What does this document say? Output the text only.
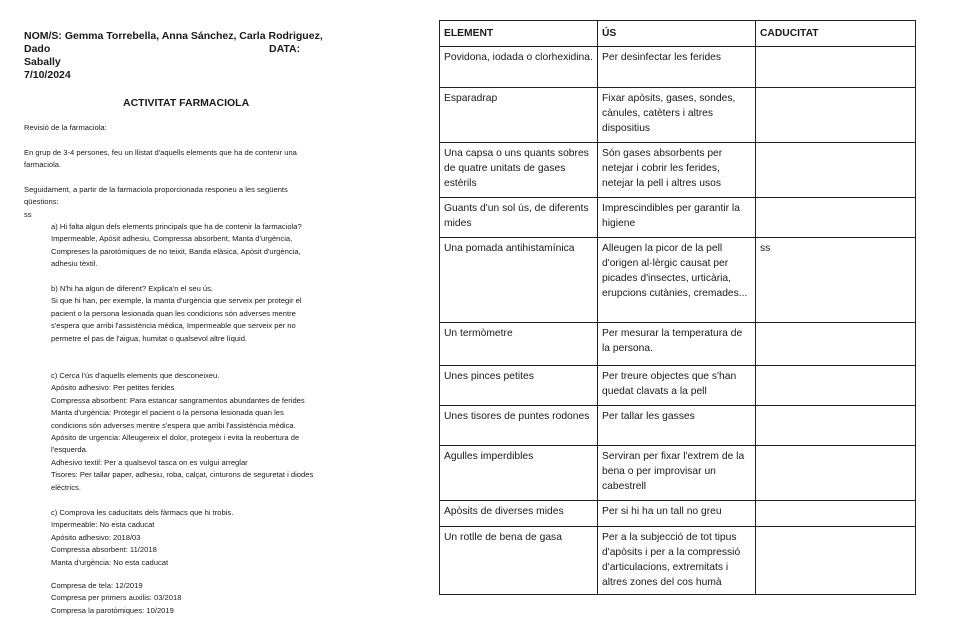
NOM/S: Gemma Torrebella, Anna Sánchez, Carla Rodriguez, Dado
Sabally
DATA:
7/10/2024
ACTIVITAT FARMACIOLA
Revisió de la farmaciola:
En grup de 3-4 persones, feu un llistat d'aquells elements que ha de contenir una
farmaciola.
Seguidament, a partir de la farmaciola proporcionada responeu a les següents
qüestions:
ss
a) Hi falta algun dels elements principals que ha de contenir la farmaciola?
Impermeable, Apòsit adhesiu, Compressa absorbent, Manta d'urgència,
Compreses la parotòmiques de no teixit, Banda elàsica, Apòsit d'urgència,
adhesiu tèxtil.
b) N'hi ha algun de diferent? Explica'n el seu ús.
Si que hi han, per exemple, la manta d'urgència que serveix per protegir el
pacient o la persona lesionada quan les condicions són adverses mentre
s'espera que arribi l'assistència mèdica, Impermeable que serveix per no
permetre el pas de l'aigua, humitat o qualsevol altre líquid.
c) Cerca l'ús d'aquells elements que desconeixeu.
Apósito adhesivo: Per petites ferides
Compressa absorbent: Para estancar sangramentos abundantes de ferides
Manta d'urgència: Protegir el pacient o la persona lesionada quan les
condicions són adverses mentre s'espera que arribi l'assistència mèdica.
Apósito de urgencia: Alleugereix el dolor, protegeix i evita la reobertura de
l'esquerda.
Adhesivo textil: Per a qualsevol tasca on es vulgui arreglar
Tisores: Per tallar paper, adhesiu, roba, calçat, cinturons de seguretat i diodes
elèctrics.
c) Comprova les caducitats dels fàrmacs que hi trobis.
Impermeable: No esta caducat
Apósito adhesivo: 2018/03
Compressa absorbent: 11/2018
Manta d'urgència: No esta caducat
Compresa de tela: 12/2019
Compresa per primers auxilis: 03/2018
Compresa la parotòmiques: 10/2019
ELEMENT	ÚS	CADUCITAT
Povidona, iodada o clorhexidina.	Per desinfectar les ferides	
Esparadrap	Fixar apòsits, gases, sondes, cànules, catèters i altres dispositius	
Una capsa o uns quants sobres de quatre unitats de gases estèrils	Són gases absorbents per netejar i cobrir les ferides, netejar la pell i altres usos	
Guants d'un sol ús, de diferents mides	Imprescindibles per garantir la higiene	
Una pomada antihistamínica	Alleugen la picor de la pell d'origen al·lèrgic causat per picades d'insectes, urticària, erupcions cutànies, cremades...	ss
Un termòmetre	Per mesurar la temperatura de la persona.	
Unes pinces petites	Per treure objectes que s'han quedat clavats a la pell	
Unes tisores de puntes rodones	Per tallar les gasses	
Agulles imperdibles	Serviran per fixar l'extrem de la bena o per improvisar un cabestrell	
Apòsits de diverses mides	Per si hi ha un tall no greu	
Un rotlle de bena de gasa	Per a la subjecció de tot tipus d'apòsits i per a la compressió d'articulacions, extremitats i altres zones del cos humà	
